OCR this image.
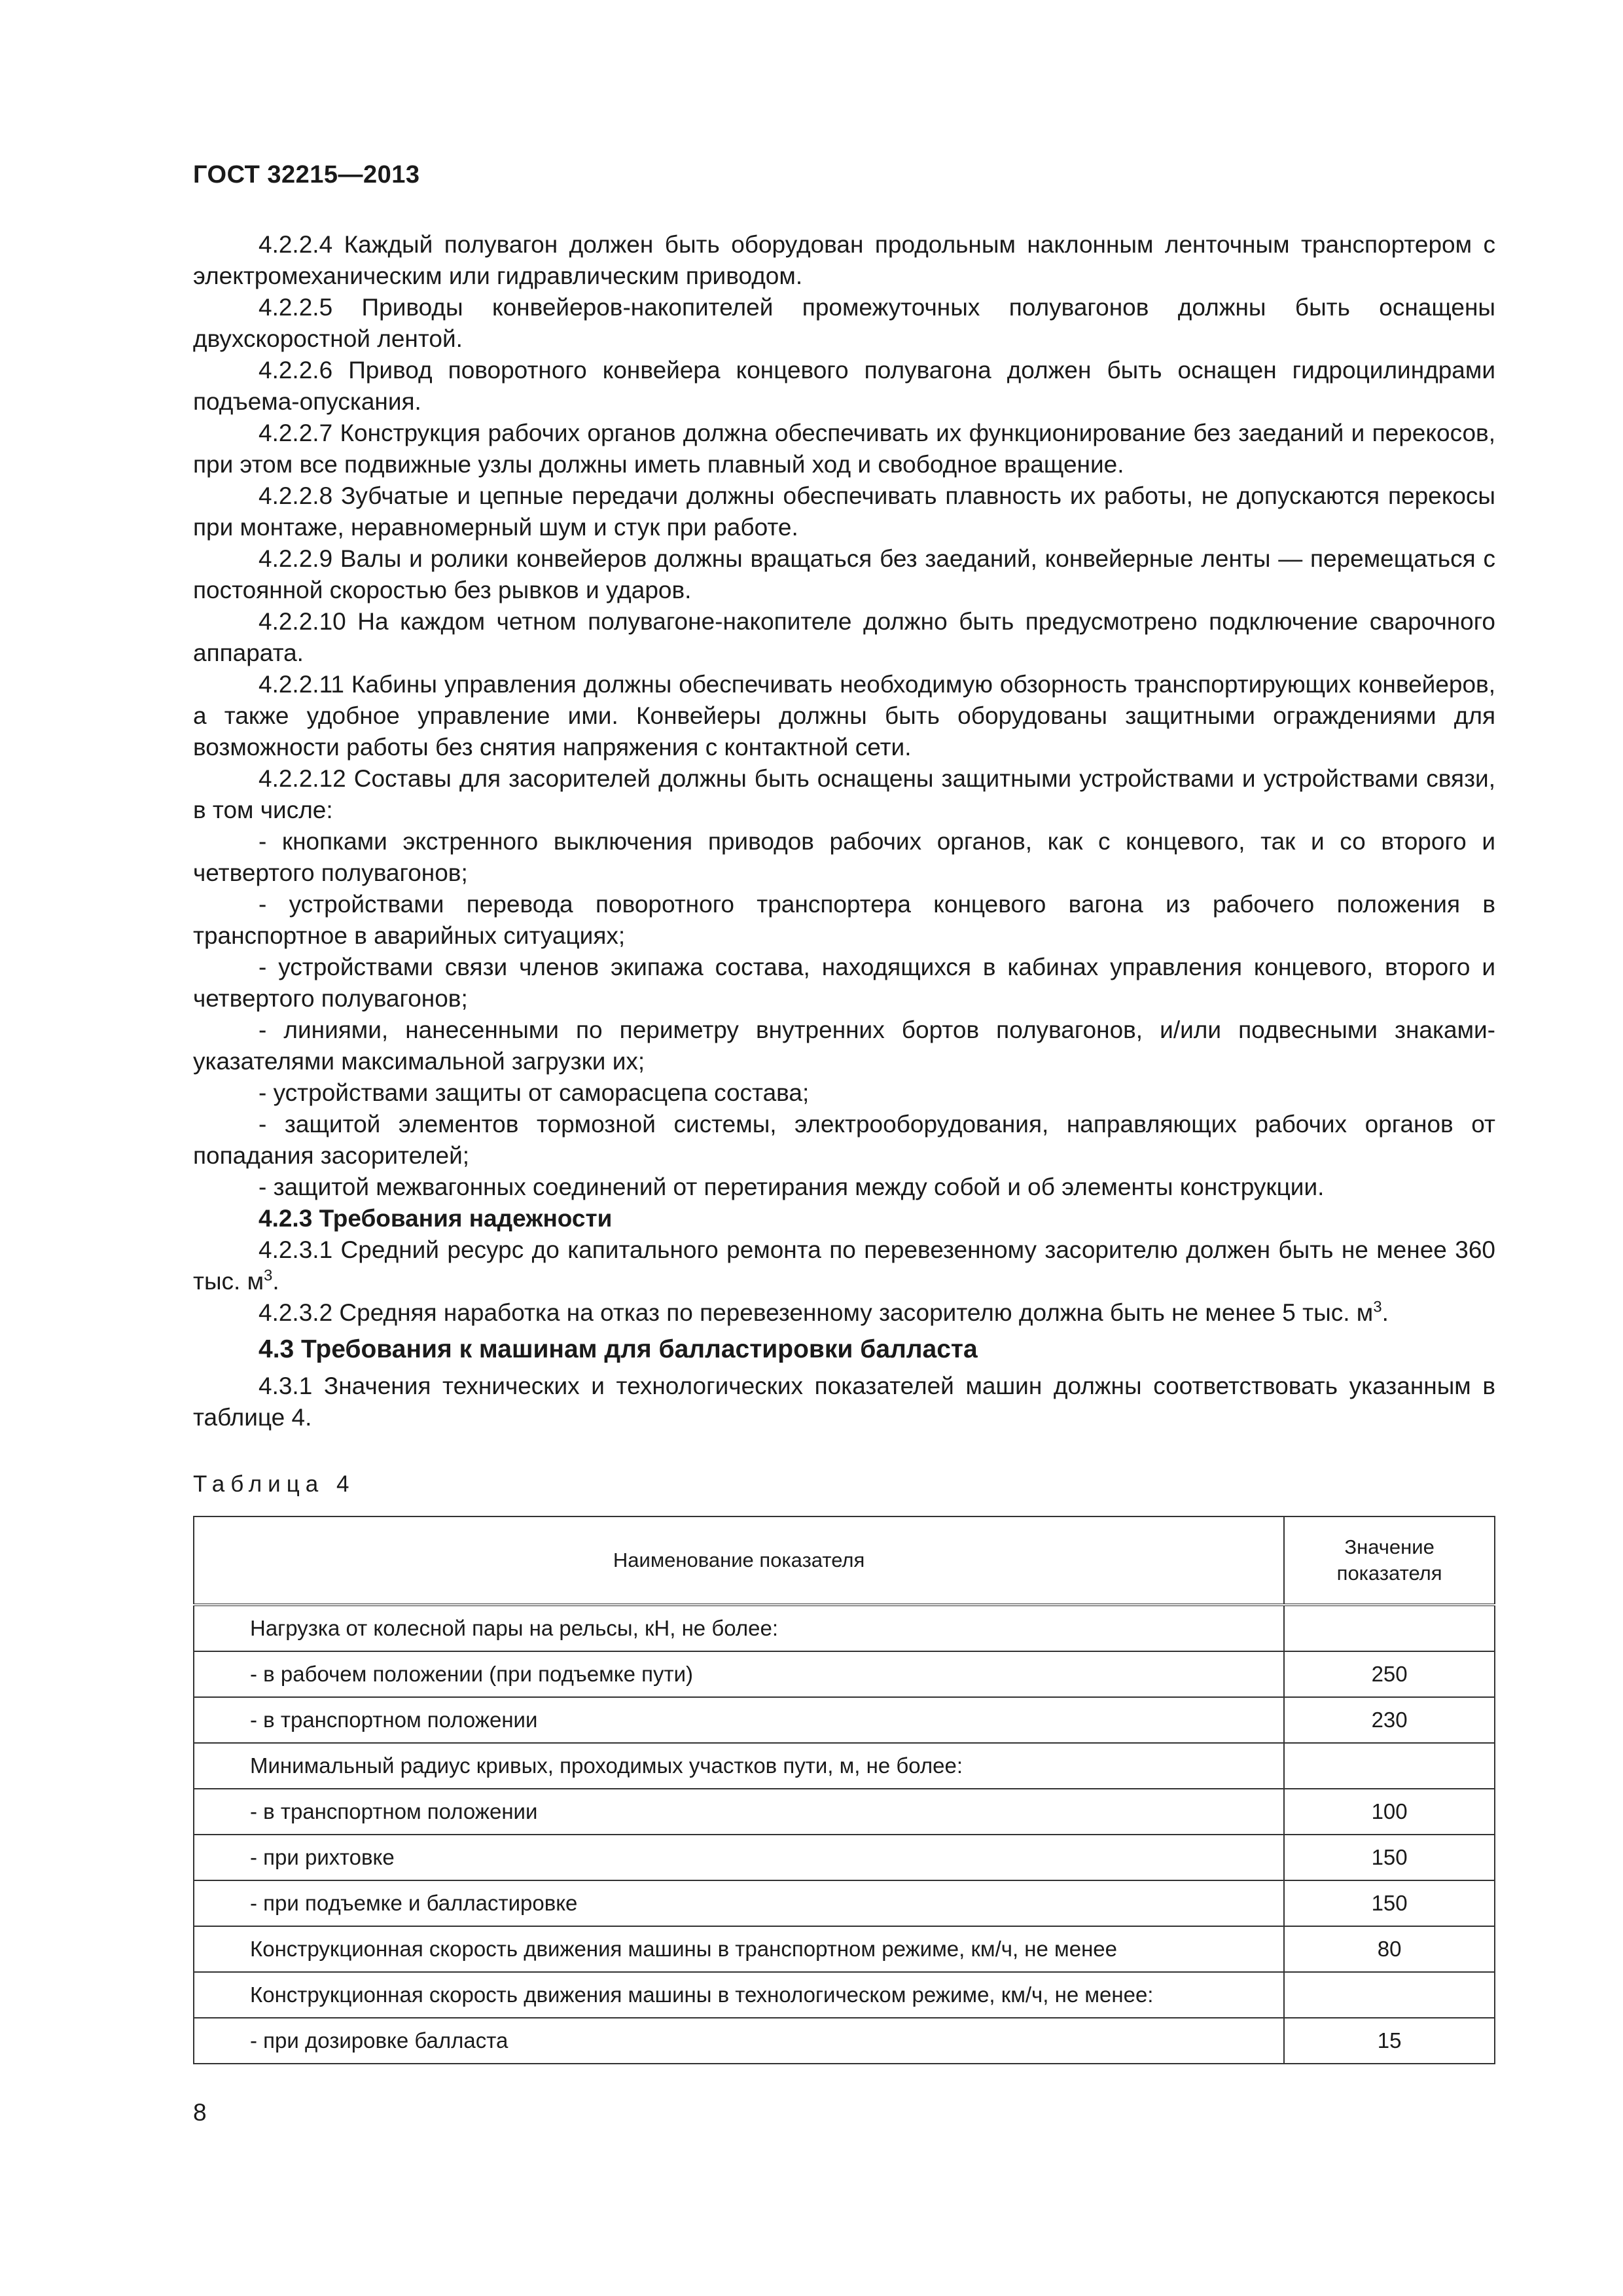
ГОСТ 32215—2013

4.2.2.4 Каждый полувагон должен быть оборудован продольным наклонным ленточным транспортером с электромеханическим или гидравлическим приводом.

4.2.2.5 Приводы конвейеров-накопителей промежуточных полувагонов должны быть оснащены двухскоростной лентой.

4.2.2.6 Привод поворотного конвейера концевого полувагона должен быть оснащен гидроцилиндрами подъема-опускания.

4.2.2.7 Конструкция рабочих органов должна обеспечивать их функционирование без заеданий и перекосов, при этом все подвижные узлы должны иметь плавный ход и свободное вращение.

4.2.2.8 Зубчатые и цепные передачи должны обеспечивать плавность их работы, не допускаются перекосы при монтаже, неравномерный шум и стук при работе.

4.2.2.9 Валы и ролики конвейеров должны вращаться без заеданий, конвейерные ленты — перемещаться с постоянной скоростью без рывков и ударов.

4.2.2.10 На каждом четном полувагоне-накопителе должно быть предусмотрено подключение сварочного аппарата.

4.2.2.11 Кабины управления должны обеспечивать необходимую обзорность транспортирующих конвейеров, а также удобное управление ими. Конвейеры должны быть оборудованы защитными ограждениями для возможности работы без снятия напряжения с контактной сети.

4.2.2.12 Составы для засорителей должны быть оснащены защитными устройствами и устройствами связи, в том числе:

- кнопками экстренного выключения приводов рабочих органов, как с концевого, так и со второго и четвертого полувагонов;

- устройствами перевода поворотного транспортера концевого вагона из рабочего положения в транспортное в аварийных ситуациях;

- устройствами связи членов экипажа состава, находящихся в кабинах управления концевого, второго и четвертого полувагонов;

- линиями, нанесенными по периметру внутренних бортов полувагонов, и/или подвесными знаками-указателями максимальной загрузки их;

- устройствами защиты от саморасцепа состава;

- защитой элементов тормозной системы, электрооборудования, направляющих рабочих органов от попадания засорителей;

- защитой межвагонных соединений от перетирания между собой и об элементы конструкции.

4.2.3 Требования надежности

4.2.3.1 Средний ресурс до капитального ремонта по перевезенному засорителю должен быть не менее 360 тыс. $м^3$.

4.2.3.2 Средняя наработка на отказ по перевезенному засорителю должна быть не менее 5 тыс. $м^3$.

4.3 Требования к машинам для балластировки балласта

4.3.1 Значения технических и технологических показателей машин должны соответствовать указанным в таблице 4.

Таблица 4
Наименование показателя	Значение
показателя
Нагрузка от колесной пары на рельсы, кН, не более:	
- в рабочем положении (при подъемке пути)	250
- в транспортном положении	230
Минимальный радиус кривых, проходимых участков пути, м, не более:	
- в транспортном положении	100
- при рихтовке	150
- при подъемке и балластировке	150
Конструкционная скорость движения машины в транспортном режиме, км/ч, не менее	80
Конструкционная скорость движения машины в технологическом режиме, км/ч, не менее:	
- при дозировке балласта	15
8
